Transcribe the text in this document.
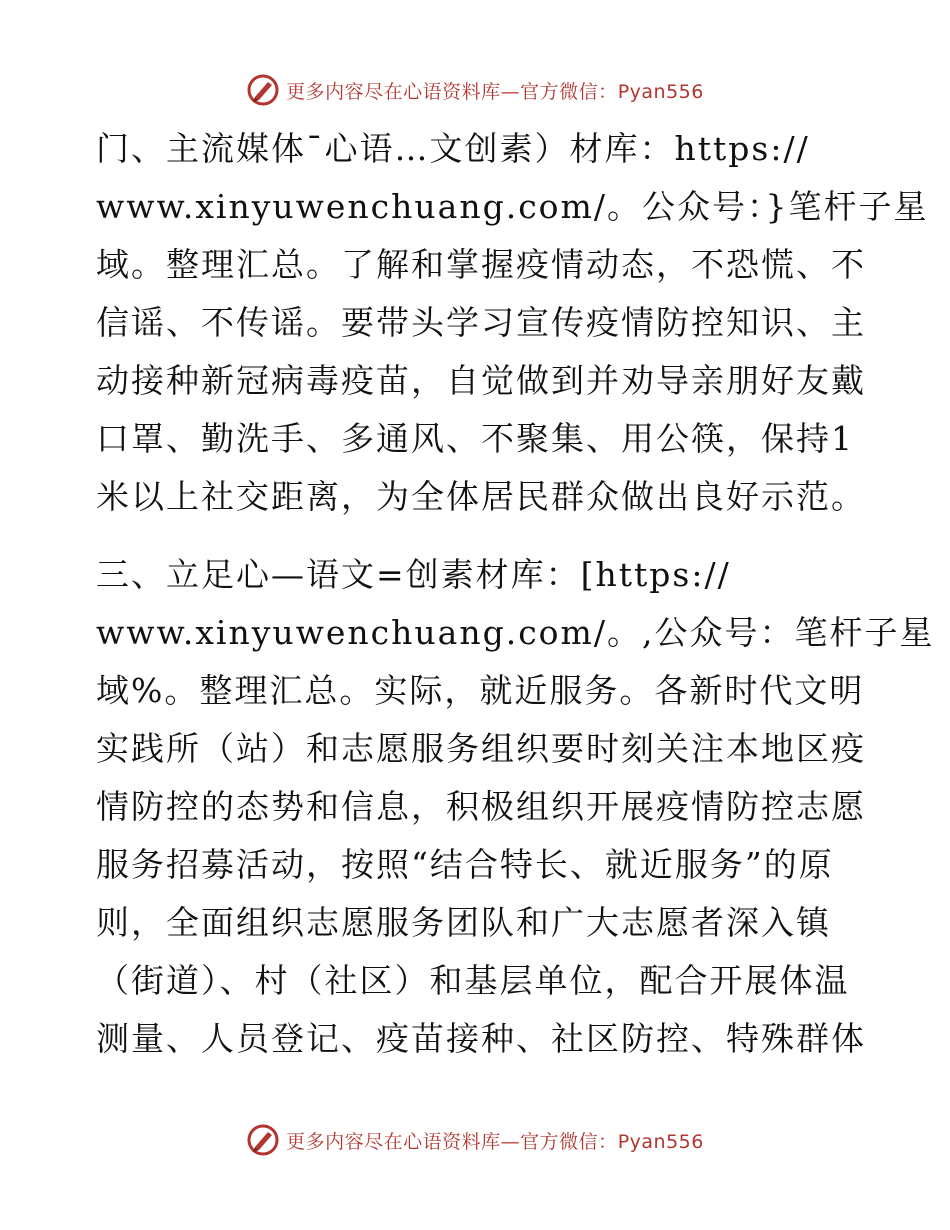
更多内容尽在心语资料库—官方微信：Pyan556
门、主流媒体¯心语…文创素）材库：https://
www.xinyuwenchuang.com/。公众号：}笔杆子星
域。整理汇总。了解和掌握疫情动态，不恐慌、不
信谣、不传谣。要带头学习宣传疫情防控知识、主
动接种新冠病毒疫苗，自觉做到并劝导亲朋好友戴
口罩、勤洗手、多通风、不聚集、用公筷，保持1
米以上社交距离，为全体居民群众做出良好示范。
三、立足心—语文=创素材库：[https://
www.xinyuwenchuang.com/。,公众号：笔杆子星
域%。整理汇总。实际，就近服务。各新时代文明
实践所（站）和志愿服务组织要时刻关注本地区疫
情防控的态势和信息，积极组织开展疫情防控志愿
服务招募活动，按照“结合特长、就近服务”的原
则，全面组织志愿服务团队和广大志愿者深入镇
（街道）、村（社区）和基层单位，配合开展体温
测量、人员登记、疫苗接种、社区防控、特殊群体
更多内容尽在心语资料库—官方微信：Pyan556
